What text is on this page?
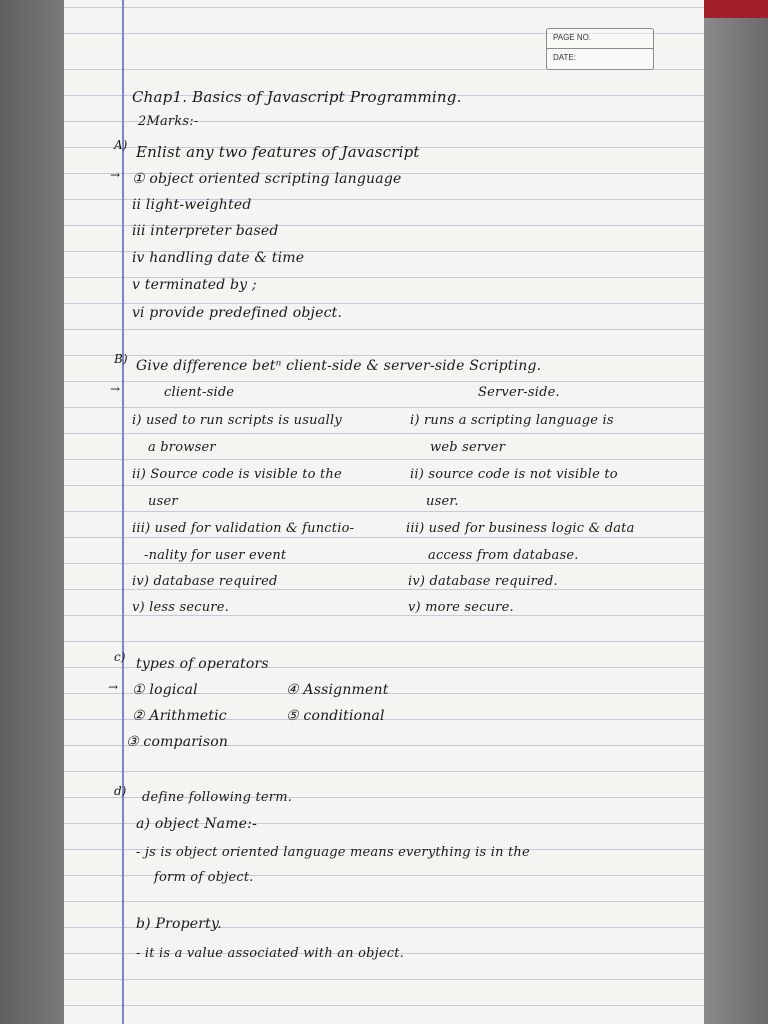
PAGE NO.
DATE:
Chap1. Basics of Javascript Programming.
2Marks:-
A) Enlist any two features of Javascript
→ ① object oriented scripting language
ⅱ light-weighted
ⅲ interpreter based
ⅳ handling date & time
ⅴ terminated by ;
ⅵ provide predefined object.
B) Give difference betⁿ client-side & server-side Scripting.
→	client-side	Server-side.
i) used to run scripts is usually
a browser
ii) Source code is visible to the
user
iii) used for validation & functio-
-nality for user event
iv) database required
v) less secure.
i) runs a scripting language is
web server
ii) source code is not visible to
user.
iii) used for business logic & data
access from database.
iv) database required.
v) more secure.
c) types of operators
→ ① logical
② Arithmetic
③ comparison
④ Assignment
⑤ conditional
d) define following term.
a) object Name:-
- js is object oriented language means everything is in the
form of object.
b) Property.
- it is a value associated with an object.
